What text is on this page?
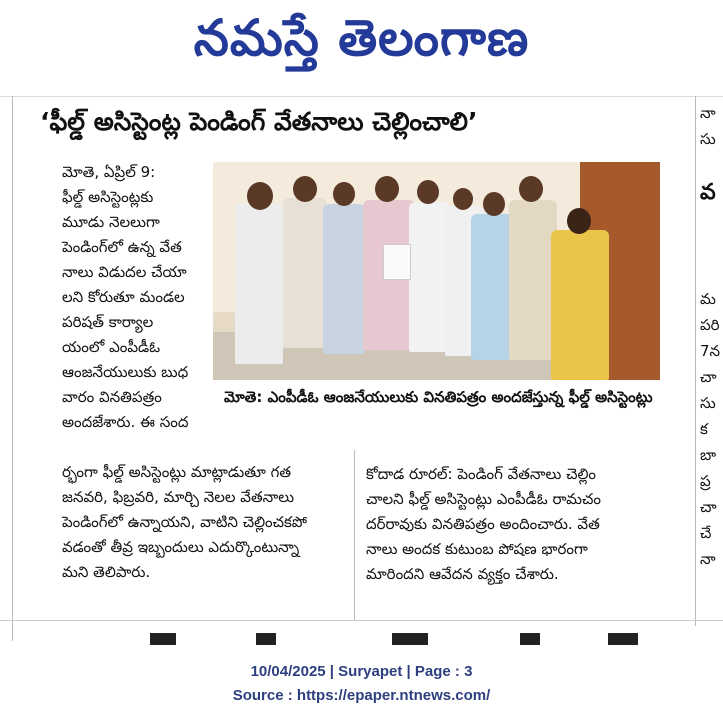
నమస్తే తెలంగాణ
‘ఫీల్డ్ అసిస్టెంట్ల పెండింగ్ వేతనాలు చెల్లించాలి’

మోతె, ఏప్రిల్ 9:

ఫీల్డ్ అసిస్టెంట్లకు

మూడు నెలలుగా

పెండింగ్‌లో ఉన్న వేత

నాలు విడుదల చేయా

లని కోరుతూ మండల

పరిషత్ కార్యాల

యంలో ఎంపీడీఓ

ఆంజనేయులుకు బుధ

వారం వినతిపత్రం

అందజేశారు. ఈ సంద

ర్భంగా ఫీల్డ్ అసిస్టెంట్లు మాట్లాడుతూ గత

జనవరి, ఫిబ్రవరి, మార్చి నెలల వేతనాలు

పెండింగ్‌లో ఉన్నాయని, వాటిని చెల్లించకపో

వడంతో తీవ్ర ఇబ్బందులు ఎదుర్కొంటున్నా

మని తెలిపారు.

మోతె: ఎంపీడీఓ ఆంజనేయులుకు వినతిపత్రం అందజేస్తున్న ఫీల్డ్ అసిస్టెంట్లు

కోదాడ రూరల్: పెండింగ్ వేతనాలు చెల్లిం

చాలని ఫీల్డ్ అసిస్టెంట్లు ఎంపీడీఓ రామచం

దర్‌రావుకు వినతిపత్రం అందించారు. వేత

నాలు అందక కుటుంబ పోషణ భారంగా

మారిందని ఆవేదన వ్యక్తం చేశారు.

నా

సు

వ

మ

పరి

7న

చా

సు

క

బా

ప్ర

చా

చే

నా

10/04/2025 | Suryapet | Page : 3
Source : https://epaper.ntnews.com/
